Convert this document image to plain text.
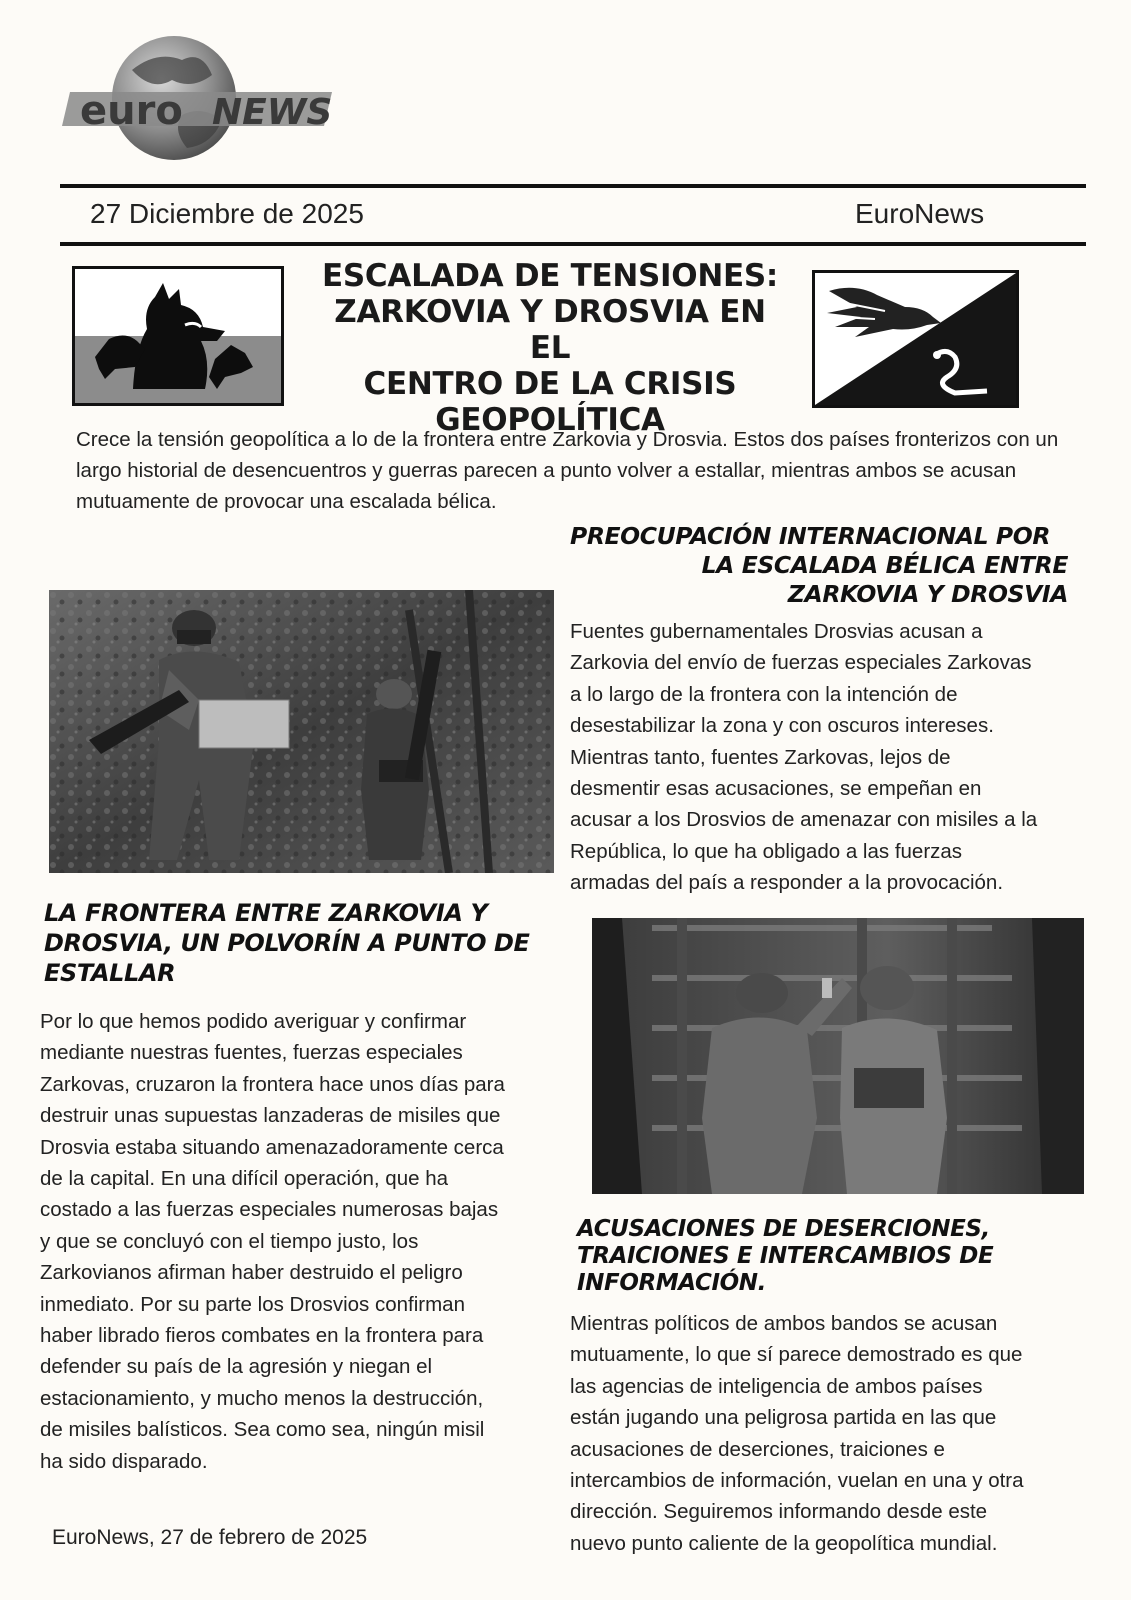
euro NEWS
27 Diciembre de 2025	EuroNews
ESCALADA DE TENSIONES:
ZARKOVIA Y DROSVIA EN EL
CENTRO DE LA CRISIS
GEOPOLÍTICA

Crece la tensión geopolítica a lo de la frontera entre Zarkovia y Drosvia. Estos dos países fronterizos con un largo historial de desencuentros y guerras parecen a punto volver a estallar, mientras ambos se acusan mutuamente de provocar una escalada bélica.

PREOCUPACIÓN INTERNACIONAL POR
LA ESCALADA BÉLICA ENTRE
ZARKOVIA Y DROSVIA
Fuentes gubernamentales Drosvias acusan a
Zarkovia del envío de fuerzas especiales Zarkovas
a lo largo de la frontera con la intención de
desestabilizar la zona y con oscuros intereses.
Mientras tanto, fuentes Zarkovas, lejos de
desmentir esas acusaciones, se empeñan en
acusar a los Drosvios de amenazar con misiles a la
República, lo que ha obligado a las fuerzas
armadas del país a responder a la provocación.
LA FRONTERA ENTRE ZARKOVIA Y
DROSVIA, UN POLVORÍN A PUNTO DE
ESTALLAR
Por lo que hemos podido averiguar y confirmar
mediante nuestras fuentes, fuerzas especiales
Zarkovas, cruzaron la frontera hace unos días para
destruir unas supuestas lanzaderas de misiles que
Drosvia estaba situando amenazadoramente cerca
de la capital. En una difícil operación, que ha
costado a las fuerzas especiales numerosas bajas
y que se concluyó con el tiempo justo, los
Zarkovianos afirman haber destruido el peligro
inmediato. Por su parte los Drosvios confirman
haber librado fieros combates en la frontera para
defender su país de la agresión y niegan el
estacionamiento, y mucho menos la destrucción,
de misiles balísticos. Sea como sea, ningún misil
ha sido disparado.
ACUSACIONES DE DESERCIONES,
TRAICIONES E INTERCAMBIOS DE
INFORMACIÓN.
Mientras políticos de ambos bandos se acusan
mutuamente, lo que sí parece demostrado es que
las agencias de inteligencia de ambos países
están jugando una peligrosa partida en las que
acusaciones de deserciones, traiciones e
intercambios de información, vuelan en una y otra
dirección. Seguiremos informando desde este
nuevo punto caliente de la geopolítica mundial.
EuroNews, 27 de febrero de 2025
